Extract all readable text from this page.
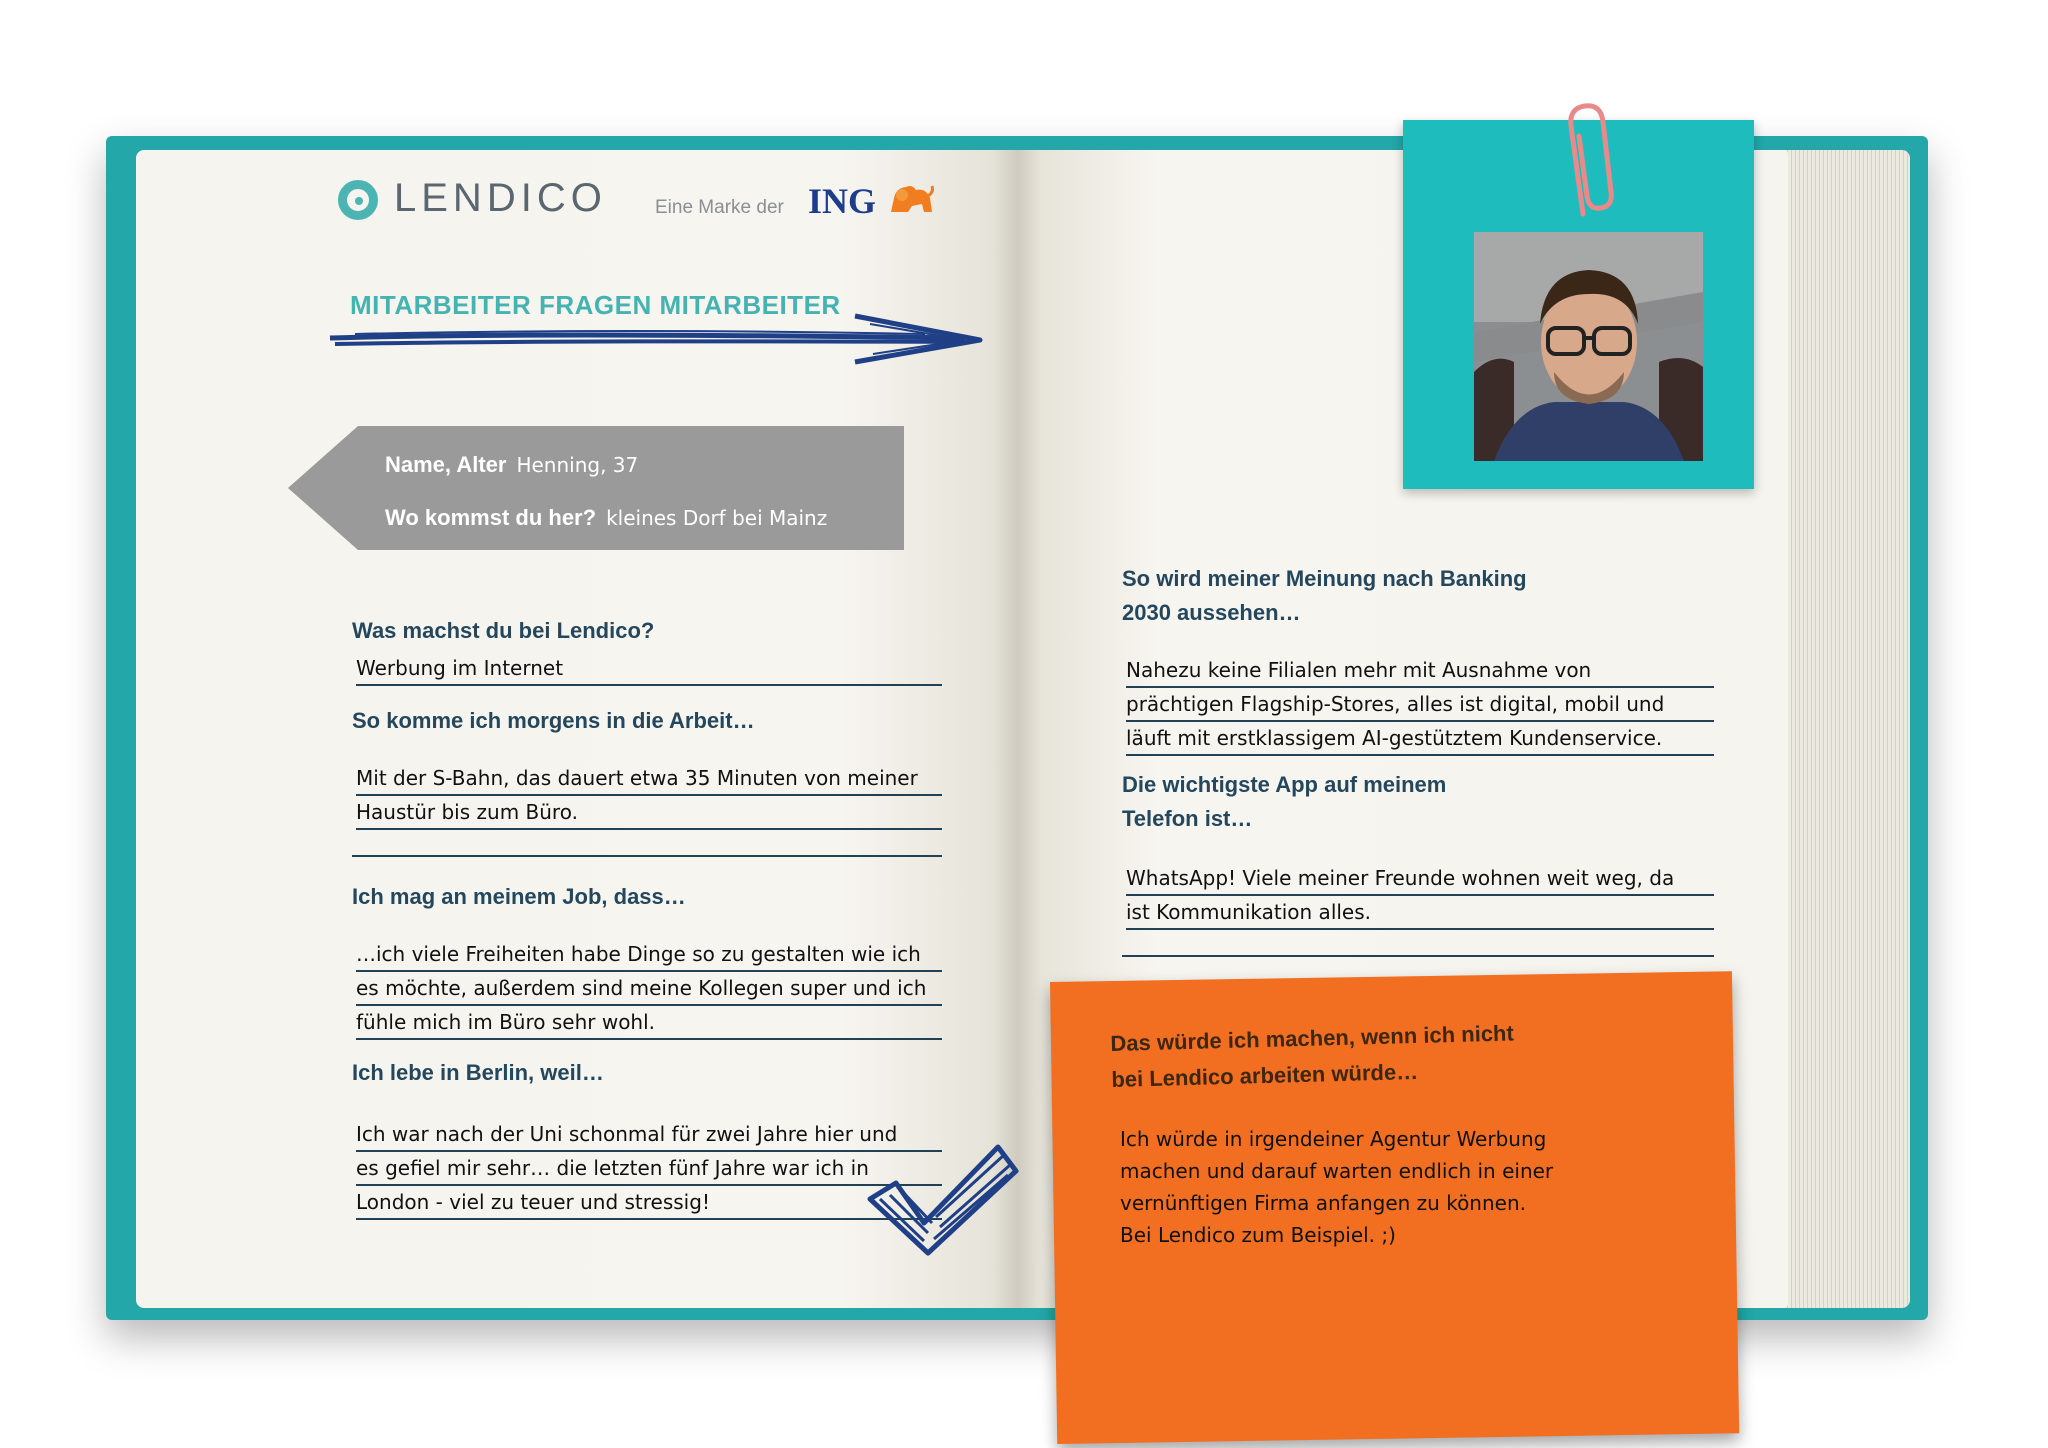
LENDICO	Eine Marke der ING
MITARBEITER FRAGEN MITARBEITER
Name, Alter Henning, 37
Wo kommst du her? kleines Dorf bei Mainz
Was machst du bei Lendico?
Werbung im Internet
So komme ich morgens in die Arbeit…
Mit der S-Bahn, das dauert etwa 35 Minuten von meiner
Haustür bis zum Büro.
Ich mag an meinem Job, dass…
…ich viele Freiheiten habe Dinge so zu gestalten wie ich
es möchte, außerdem sind meine Kollegen super und ich
fühle mich im Büro sehr wohl.
Ich lebe in Berlin, weil…
Ich war nach der Uni schonmal für zwei Jahre hier und
es gefiel mir sehr… die letzten fünf Jahre war ich in
London - viel zu teuer und stressig!
So wird meiner Meinung nach Banking
2030 aussehen…
Nahezu keine Filialen mehr mit Ausnahme von
prächtigen Flagship-Stores, alles ist digital, mobil und
läuft mit erstklassigem AI-gestütztem Kundenservice.
Die wichtigste App auf meinem
Telefon ist…
WhatsApp! Viele meiner Freunde wohnen weit weg, da
ist Kommunikation alles.
Das würde ich machen, wenn ich nicht
bei Lendico arbeiten würde…
Ich würde in irgendeiner Agentur Werbung
machen und darauf warten endlich in einer
vernünftigen Firma anfangen zu können.
Bei Lendico zum Beispiel. ;)
